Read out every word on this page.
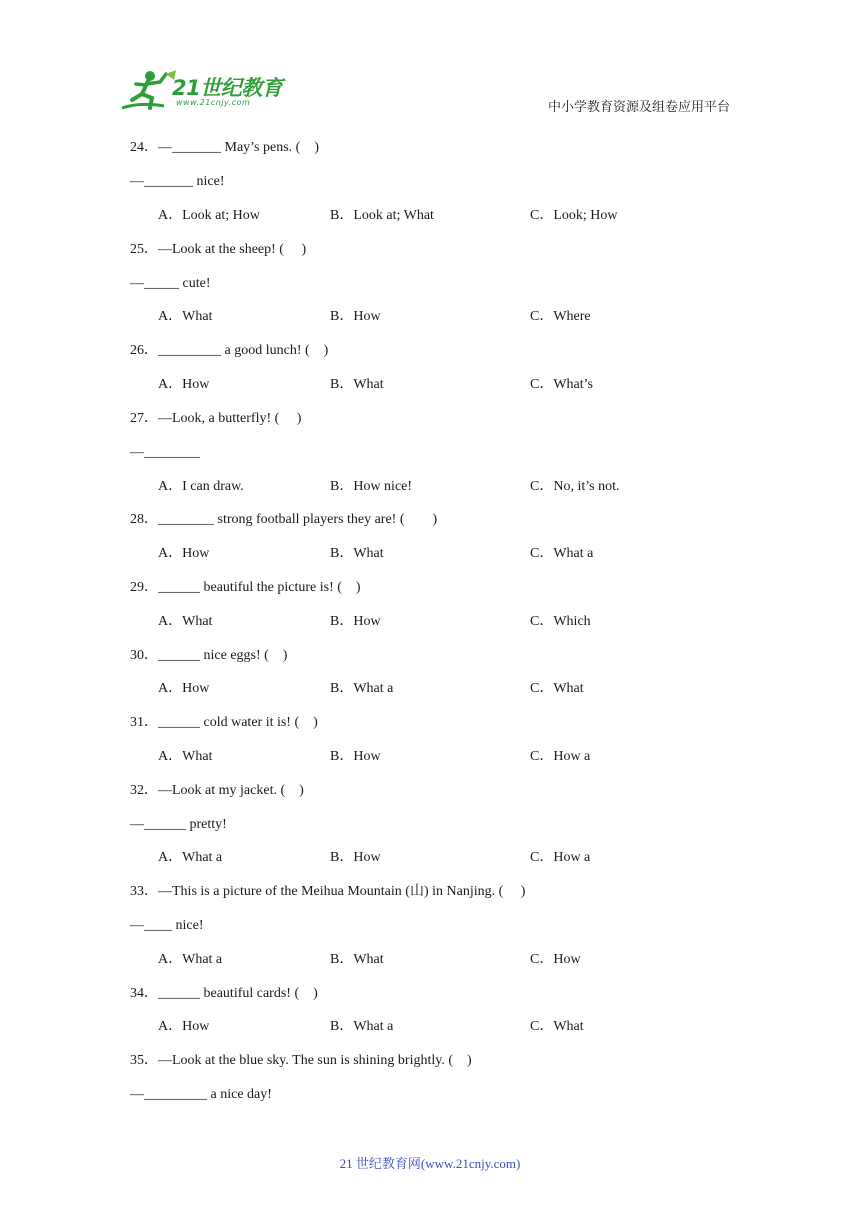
21世纪教育
www.21cnjy.com	中小学教育资源及组卷应用平台
24．—_______ May’s pens. (　)
—_______ nice!
A．Look at; How	B．Look at; What	C．Look; How
25．—Look at the sheep! (　 )
—_____ cute!
A．What	B．How	C．Where
26．_________ a good lunch! (　)
A．How	B．What	C．What’s
27．—Look, a butterfly! (　 )
—________
A．I can draw.	B．How nice!	C．No, it’s not.
28．________ strong football players they are! (　　)
A．How	B．What	C．What a
29．______ beautiful the picture is! (　)
A．What	B．How	C．Which
30．______ nice eggs! (　)
A．How	B．What a	C．What
31．______ cold water it is! (　)
A．What	B．How	C．How a
32．—Look at my jacket. (　)
—______ pretty!
A．What a	B．How	C．How a
33．—This is a picture of the Meihua Mountain (山) in Nanjing. (　 )
—____ nice!
A．What a	B．What	C．How
34．______ beautiful cards! (　)
A．How	B．What a	C．What
35．—Look at the blue sky. The sun is shining brightly. (　)
—_________ a nice day!
21 世纪教育网(www.21cnjy.com)
